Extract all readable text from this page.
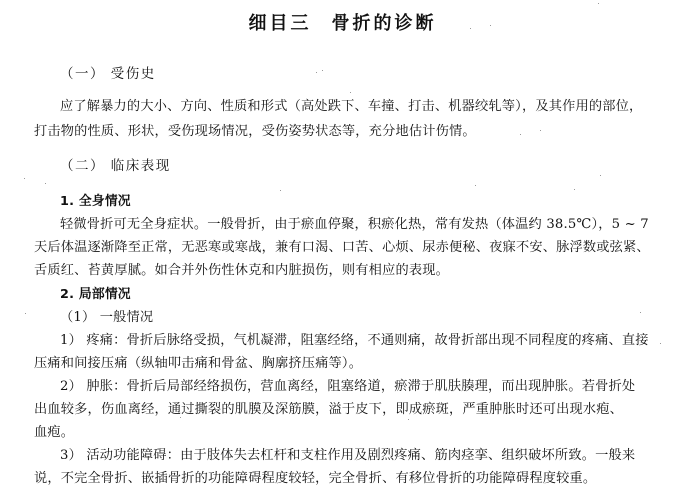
细目三 骨折的诊断
（一） 受伤史
应了解暴力的大小、方向、性质和形式（高处跌下、车撞、打击、机器绞轧等），及其作用的部位，
打击物的性质、形状，受伤现场情况，受伤姿势状态等，充分地估计伤情。
（二） 临床表现
1. 全身情况
轻微骨折可无全身症状。一般骨折，由于瘀血停聚，积瘀化热，常有发热（体温约 38.5℃），5 ~ 7
天后体温逐渐降至正常，无恶寒或寒战，兼有口渴、口苦、心烦、尿赤便秘、夜寐不安、脉浮数或弦紧、
舌质红、苔黄厚腻。如合并外伤性休克和内脏损伤，则有相应的表现。
2. 局部情况
（1） 一般情况
1） 疼痛：骨折后脉络受损，气机凝滞，阻塞经络，不通则痛，故骨折部出现不同程度的疼痛、直接
压痛和间接压痛（纵轴叩击痛和骨盆、胸廓挤压痛等）。
2） 肿胀：骨折后局部经络损伤，营血离经，阻塞络道，瘀滞于肌肤腠理，而出现肿胀。若骨折处
出血较多，伤血离经，通过撕裂的肌膜及深筋膜，溢于皮下，即成瘀斑，严重肿胀时还可出现水疱、
血疱。
3） 活动功能障碍：由于肢体失去杠杆和支柱作用及剧烈疼痛、筋肉痉挛、组织破坏所致。一般来
说，不完全骨折、嵌插骨折的功能障碍程度较轻，完全骨折、有移位骨折的功能障碍程度较重。
